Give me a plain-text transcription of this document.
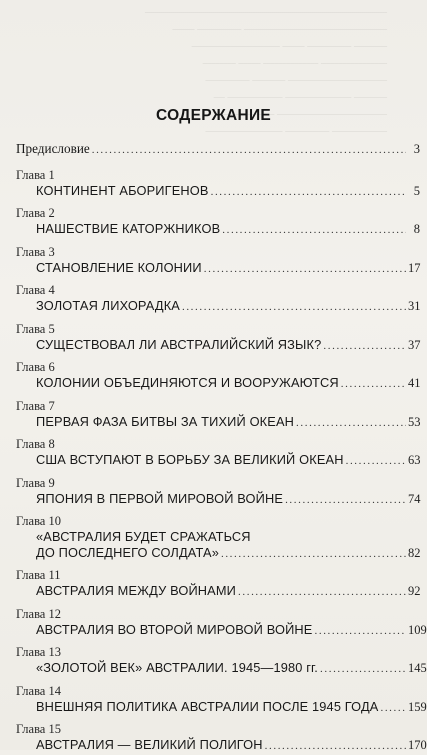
____________________________________________
__________________________ ________ ____
______ ________ ____ ________________
____________ __________ ____ ______
__________________ ______ ________
______ ____________ __________ __
____________________ ______ ____
__________ ________ ______________
СОДЕРЖАНИЕ
Предисловие .....	3
Глава 1
КОНТИНЕНТ АБОРИГЕНОВ .....	5
Глава 2
НАШЕСТВИЕ КАТОРЖНИКОВ .....	8
Глава 3
СТАНОВЛЕНИЕ КОЛОНИИ .....	17
Глава 4
ЗОЛОТАЯ ЛИХОРАДКА .....	31
Глава 5
СУЩЕСТВОВАЛ ЛИ АВСТРАЛИЙСКИЙ ЯЗЫК? .....	37
Глава 6
КОЛОНИИ ОБЪЕДИНЯЮТСЯ И ВООРУЖАЮТСЯ .....	41
Глава 7
ПЕРВАЯ ФАЗА БИТВЫ ЗА ТИХИЙ ОКЕАН .....	53
Глава 8
США ВСТУПАЮТ В БОРЬБУ ЗА ВЕЛИКИЙ ОКЕАН .....	63
Глава 9
ЯПОНИЯ В ПЕРВОЙ МИРОВОЙ ВОЙНЕ .....	74
Глава 10
«АВСТРАЛИЯ БУДЕТ СРАЖАТЬСЯ
ДО ПОСЛЕДНЕГО СОЛДАТА» .....	82
Глава 11
АВСТРАЛИЯ МЕЖДУ ВОЙНАМИ .....	92
Глава 12
АВСТРАЛИЯ ВО ВТОРОЙ МИРОВОЙ ВОЙНЕ .....	109
Глава 13
«ЗОЛОТОЙ ВЕК» АВСТРАЛИИ. 1945—1980 гг. .....	145
Глава 14
ВНЕШНЯЯ ПОЛИТИКА АВСТРАЛИИ ПОСЛЕ 1945 ГОДА ..... 159
Глава 15
АВСТРАЛИЯ — ВЕЛИКИЙ ПОЛИГОН .....	170
